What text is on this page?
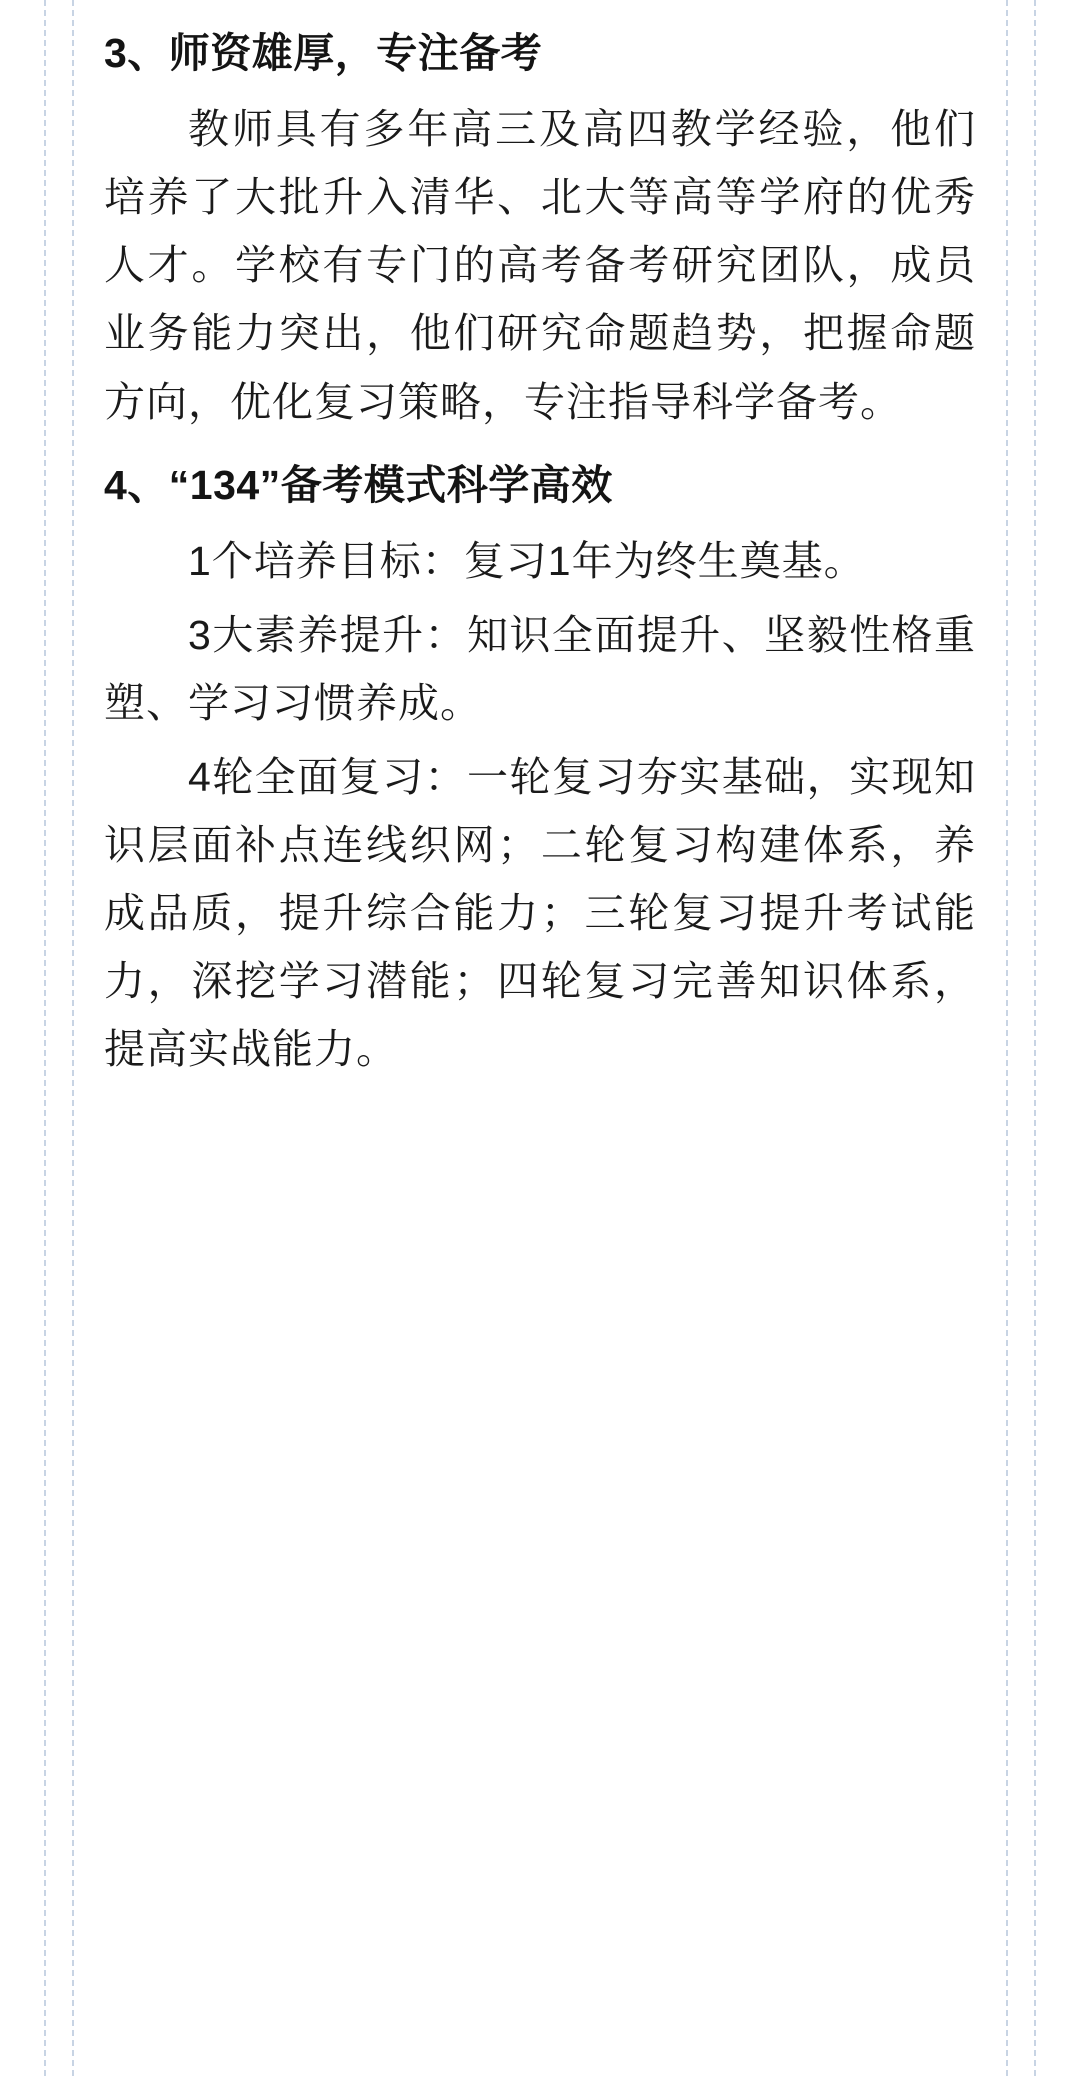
3、师资雄厚，专注备考

教师具有多年高三及高四教学经验，他们培养了大批升入清华、北大等高等学府的优秀人才。学校有专门的高考备考研究团队，成员业务能力突出，他们研究命题趋势，把握命题方向，优化复习策略，专注指导科学备考。

4、“134”备考模式科学高效

1个培养目标：复习1年为终生奠基。

3大素养提升：知识全面提升、坚毅性格重塑、学习习惯养成。

4轮全面复习：一轮复习夯实基础，实现知识层面补点连线织网；二轮复习构建体系，养成品质，提升综合能力；三轮复习提升考试能力，深挖学习潜能；四轮复习完善知识体系，提高实战能力。
